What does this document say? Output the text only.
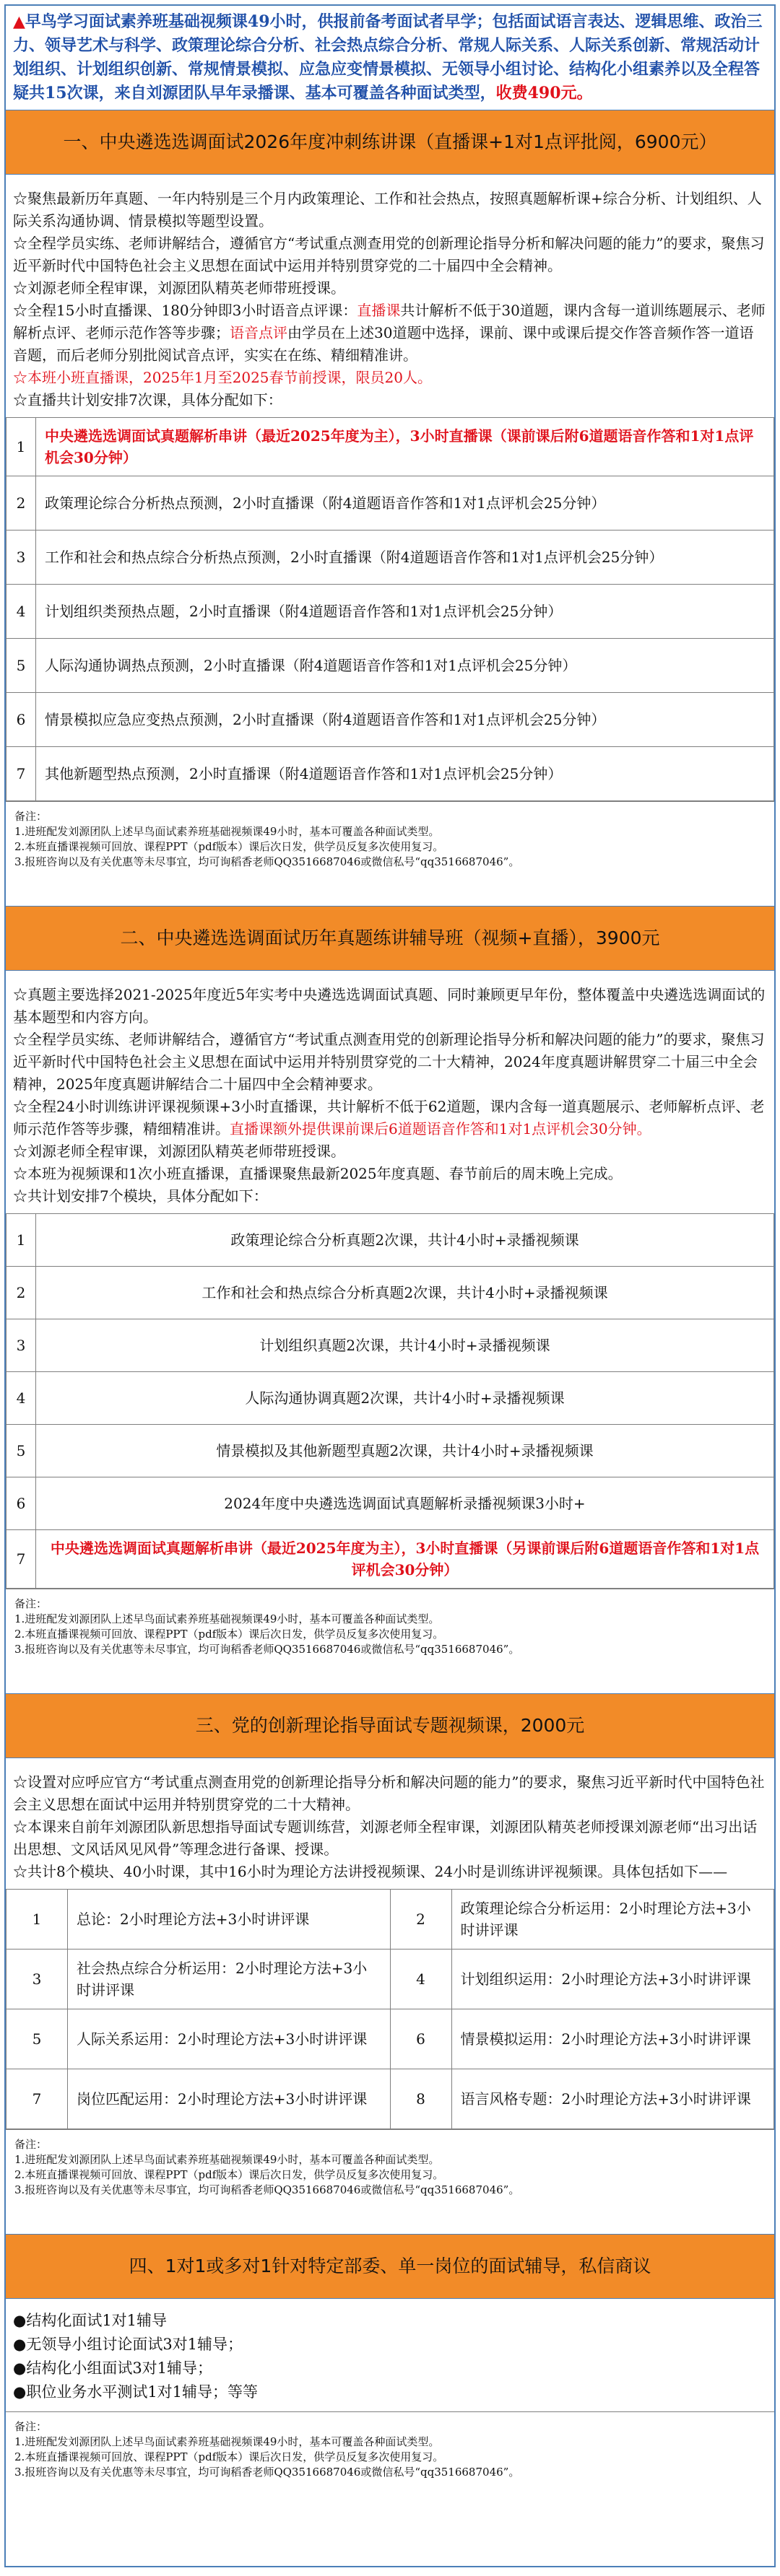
▲早鸟学习面试素养班基础视频课49小时，供报前备考面试者早学；包括面试语言表达、逻辑思维、政治三力、领导艺术与科学、政策理论综合分析、社会热点综合分析、常规人际关系、人际关系创新、常规活动计划组织、计划组织创新、常规情景模拟、应急应变情景模拟、无领导小组讨论、结构化小组素养以及全程答疑共15次课，来自刘源团队早年录播课、基本可覆盖各种面试类型，收费490元。
一、中央遴选选调面试2026年度冲刺练讲课（直播课+1对1点评批阅，6900元）
☆聚焦最新历年真题、一年内特别是三个月内政策理论、工作和社会热点，按照真题解析课+综合分析、计划组织、人际关系沟通协调、情景模拟等题型设置。
☆全程学员实练、老师讲解结合，遵循官方“考试重点测查用党的创新理论指导分析和解决问题的能力”的要求，聚焦习近平新时代中国特色社会主义思想在面试中运用并特别贯穿党的二十届四中全会精神。
☆刘源老师全程审课，刘源团队精英老师带班授课。
☆全程15小时直播课、180分钟即3小时语音点评课：直播课共计解析不低于30道题，课内含每一道训练题展示、老师解析点评、老师示范作答等步骤；语音点评由学员在上述30道题中选择，课前、课中或课后提交作答音频作答一道语音题，而后老师分别批阅试音点评，实实在在练、精细精准讲。
☆本班小班直播课，2025年1月至2025春节前授课，限员20人。
☆直播共计划安排7次课，具体分配如下：
1	中央遴选选调面试真题解析串讲（最近2025年度为主），3小时直播课（课前课后附6道题语音作答和1对1点评机会30分钟）
2	政策理论综合分析热点预测，2小时直播课（附4道题语音作答和1对1点评机会25分钟）
3	工作和社会和热点综合分析热点预测，2小时直播课（附4道题语音作答和1对1点评机会25分钟）
4	计划组织类预热点题，2小时直播课（附4道题语音作答和1对1点评机会25分钟）
5	人际沟通协调热点预测，2小时直播课（附4道题语音作答和1对1点评机会25分钟）
6	情景模拟应急应变热点预测，2小时直播课（附4道题语音作答和1对1点评机会25分钟）
7	其他新题型热点预测，2小时直播课（附4道题语音作答和1对1点评机会25分钟）
备注：
1.进班配发刘源团队上述早鸟面试素养班基础视频课49小时，基本可覆盖各种面试类型。
2.本班直播课视频可回放、课程PPT（pdf版本）课后次日发，供学员反复多次使用复习。
3.报班咨询以及有关优惠等未尽事宜，均可询稻香老师QQ3516687046或微信私号“qq3516687046”。
二、中央遴选选调面试历年真题练讲辅导班（视频+直播），3900元
☆真题主要选择2021-2025年度近5年实考中央遴选选调面试真题、同时兼顾更早年份，整体覆盖中央遴选选调面试的基本题型和内容方向。
☆全程学员实练、老师讲解结合，遵循官方“考试重点测查用党的创新理论指导分析和解决问题的能力”的要求，聚焦习近平新时代中国特色社会主义思想在面试中运用并特别贯穿党的二十大精神，2024年度真题讲解贯穿二十届三中全会精神，2025年度真题讲解结合二十届四中全会精神要求。
☆全程24小时训练讲评课视频课+3小时直播课，共计解析不低于62道题，课内含每一道真题展示、老师解析点评、老师示范作答等步骤，精细精准讲。直播课额外提供课前课后6道题语音作答和1对1点评机会30分钟。
☆刘源老师全程审课，刘源团队精英老师带班授课。
☆本班为视频课和1次小班直播课，直播课聚焦最新2025年度真题、春节前后的周末晚上完成。
☆共计划安排7个模块，具体分配如下：
1	政策理论综合分析真题2次课，共计4小时+录播视频课
2	工作和社会和热点综合分析真题2次课，共计4小时+录播视频课
3	计划组织真题2次课，共计4小时+录播视频课
4	人际沟通协调真题2次课，共计4小时+录播视频课
5	情景模拟及其他新题型真题2次课，共计4小时+录播视频课
6	2024年度中央遴选选调面试真题解析录播视频课3小时+
7	中央遴选选调面试真题解析串讲（最近2025年度为主），3小时直播课（另课前课后附6道题语音作答和1对1点评机会30分钟）
备注：
1.进班配发刘源团队上述早鸟面试素养班基础视频课49小时，基本可覆盖各种面试类型。
2.本班直播课视频可回放、课程PPT（pdf版本）课后次日发，供学员反复多次使用复习。
3.报班咨询以及有关优惠等未尽事宜，均可询稻香老师QQ3516687046或微信私号“qq3516687046”。
三、党的创新理论指导面试专题视频课，2000元
☆设置对应呼应官方“考试重点测查用党的创新理论指导分析和解决问题的能力”的要求，聚焦习近平新时代中国特色社会主义思想在面试中运用并特别贯穿党的二十大精神。
☆本课来自前年刘源团队新思想指导面试专题训练营，刘源老师全程审课，刘源团队精英老师授课刘源老师“出习出话出思想、文风话风见风骨”等理念进行备课、授课。
☆共计8个模块、40小时课，其中16小时为理论方法讲授视频课、24小时是训练讲评视频课。具体包括如下——
1	总论：2小时理论方法+3小时讲评课	2	政策理论综合分析运用：2小时理论方法+3小时讲评课
3	社会热点综合分析运用：2小时理论方法+3小时讲评课	4	计划组织运用：2小时理论方法+3小时讲评课
5	人际关系运用：2小时理论方法+3小时讲评课	6	情景模拟运用：2小时理论方法+3小时讲评课
7	岗位匹配运用：2小时理论方法+3小时讲评课	8	语言风格专题：2小时理论方法+3小时讲评课
备注：
1.进班配发刘源团队上述早鸟面试素养班基础视频课49小时，基本可覆盖各种面试类型。
2.本班直播课视频可回放、课程PPT（pdf版本）课后次日发，供学员反复多次使用复习。
3.报班咨询以及有关优惠等未尽事宜，均可询稻香老师QQ3516687046或微信私号“qq3516687046”。
四、1对1或多对1针对特定部委、单一岗位的面试辅导，私信商议
●结构化面试1对1辅导
●无领导小组讨论面试3对1辅导；
●结构化小组面试3对1辅导；
●职位业务水平测试1对1辅导；等等
备注：
1.进班配发刘源团队上述早鸟面试素养班基础视频课49小时，基本可覆盖各种面试类型。
2.本班直播课视频可回放、课程PPT（pdf版本）课后次日发，供学员反复多次使用复习。
3.报班咨询以及有关优惠等未尽事宜，均可询稻香老师QQ3516687046或微信私号“qq3516687046”。
